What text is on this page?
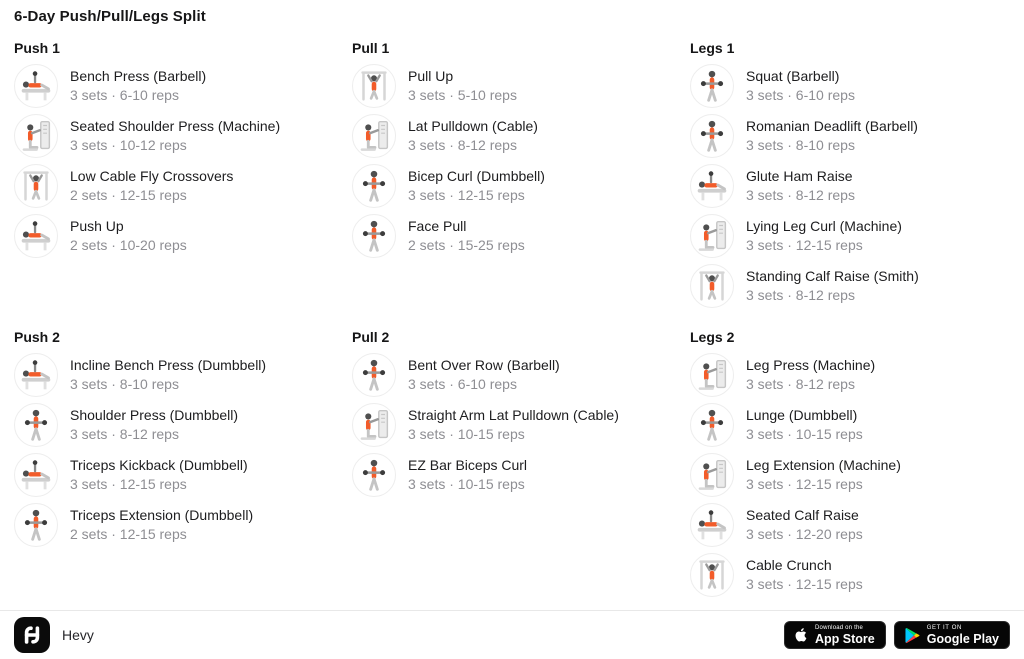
6-Day Push/Pull/Legs Split
Push 1
Bench Press (Barbell)
3 sets · 6-10 reps
Seated Shoulder Press (Machine)
3 sets · 10-12 reps
Low Cable Fly Crossovers
2 sets · 12-15 reps
Push Up
2 sets · 10-20 reps
Pull 1
Pull Up
3 sets · 5-10 reps
Lat Pulldown (Cable)
3 sets · 8-12 reps
Bicep Curl (Dumbbell)
3 sets · 12-15 reps
Face Pull
2 sets · 15-25 reps
Legs 1
Squat (Barbell)
3 sets · 6-10 reps
Romanian Deadlift (Barbell)
3 sets · 8-10 reps
Glute Ham Raise
3 sets · 8-12 reps
Lying Leg Curl (Machine)
3 sets · 12-15 reps
Standing Calf Raise (Smith)
3 sets · 8-12 reps
Push 2
Incline Bench Press (Dumbbell)
3 sets · 8-10 reps
Shoulder Press (Dumbbell)
3 sets · 8-12 reps
Triceps Kickback (Dumbbell)
3 sets · 12-15 reps
Triceps Extension (Dumbbell)
2 sets · 12-15 reps
Pull 2
Bent Over Row (Barbell)
3 sets · 6-10 reps
Straight Arm Lat Pulldown (Cable)
3 sets · 10-15 reps
EZ Bar Biceps Curl
3 sets · 10-15 reps
Legs 2
Leg Press (Machine)
3 sets · 8-12 reps
Lunge (Dumbbell)
3 sets · 10-15 reps
Leg Extension (Machine)
3 sets · 12-15 reps
Seated Calf Raise
3 sets · 12-20 reps
Cable Crunch
3 sets · 12-15 reps
Hevy	Download on the
App Store
GET IT ON
Google Play
